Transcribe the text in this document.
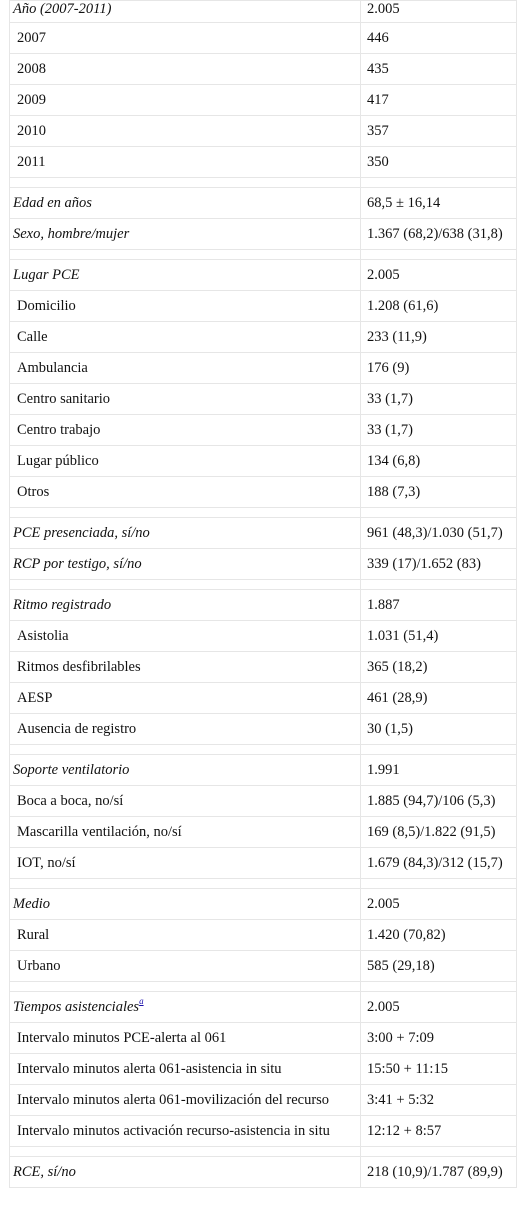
Año (2007-2011)	2.005
2007	446
2008	435
2009	417
2010	357
2011	350

Edad en años	68,5 ± 16,14
Sexo, hombre/mujer	1.367 (68,2)/638 (31,8)

Lugar PCE	2.005
Domicilio	1.208 (61,6)
Calle	233 (11,9)
Ambulancia	176 (9)
Centro sanitario	33 (1,7)
Centro trabajo	33 (1,7)
Lugar público	134 (6,8)
Otros	188 (7,3)

PCE presenciada, sí/no	961 (48,3)/1.030 (51,7)
RCP por testigo, sí/no	339 (17)/1.652 (83)

Ritmo registrado	1.887
Asistolia	1.031 (51,4)
Ritmos desfibrilables	365 (18,2)
AESP	461 (28,9)
Ausencia de registro	30 (1,5)

Soporte ventilatorio	1.991
Boca a boca, no/sí	1.885 (94,7)/106 (5,3)
Mascarilla ventilación, no/sí	169 (8,5)/1.822 (91,5)
IOT, no/sí	1.679 (84,3)/312 (15,7)

Medio	2.005
Rural	1.420 (70,82)
Urbano	585 (29,18)

Tiempos asistenciales$^a$	2.005
Intervalo minutos PCE-alerta al 061	3:00 + 7:09
Intervalo minutos alerta 061-asistencia in situ	15:50 + 11:15
Intervalo minutos alerta 061-movilización del recurso	3:41 + 5:32
Intervalo minutos activación recurso-asistencia in situ	12:12 + 8:57

RCE, sí/no	218 (10,9)/1.787 (89,9)
